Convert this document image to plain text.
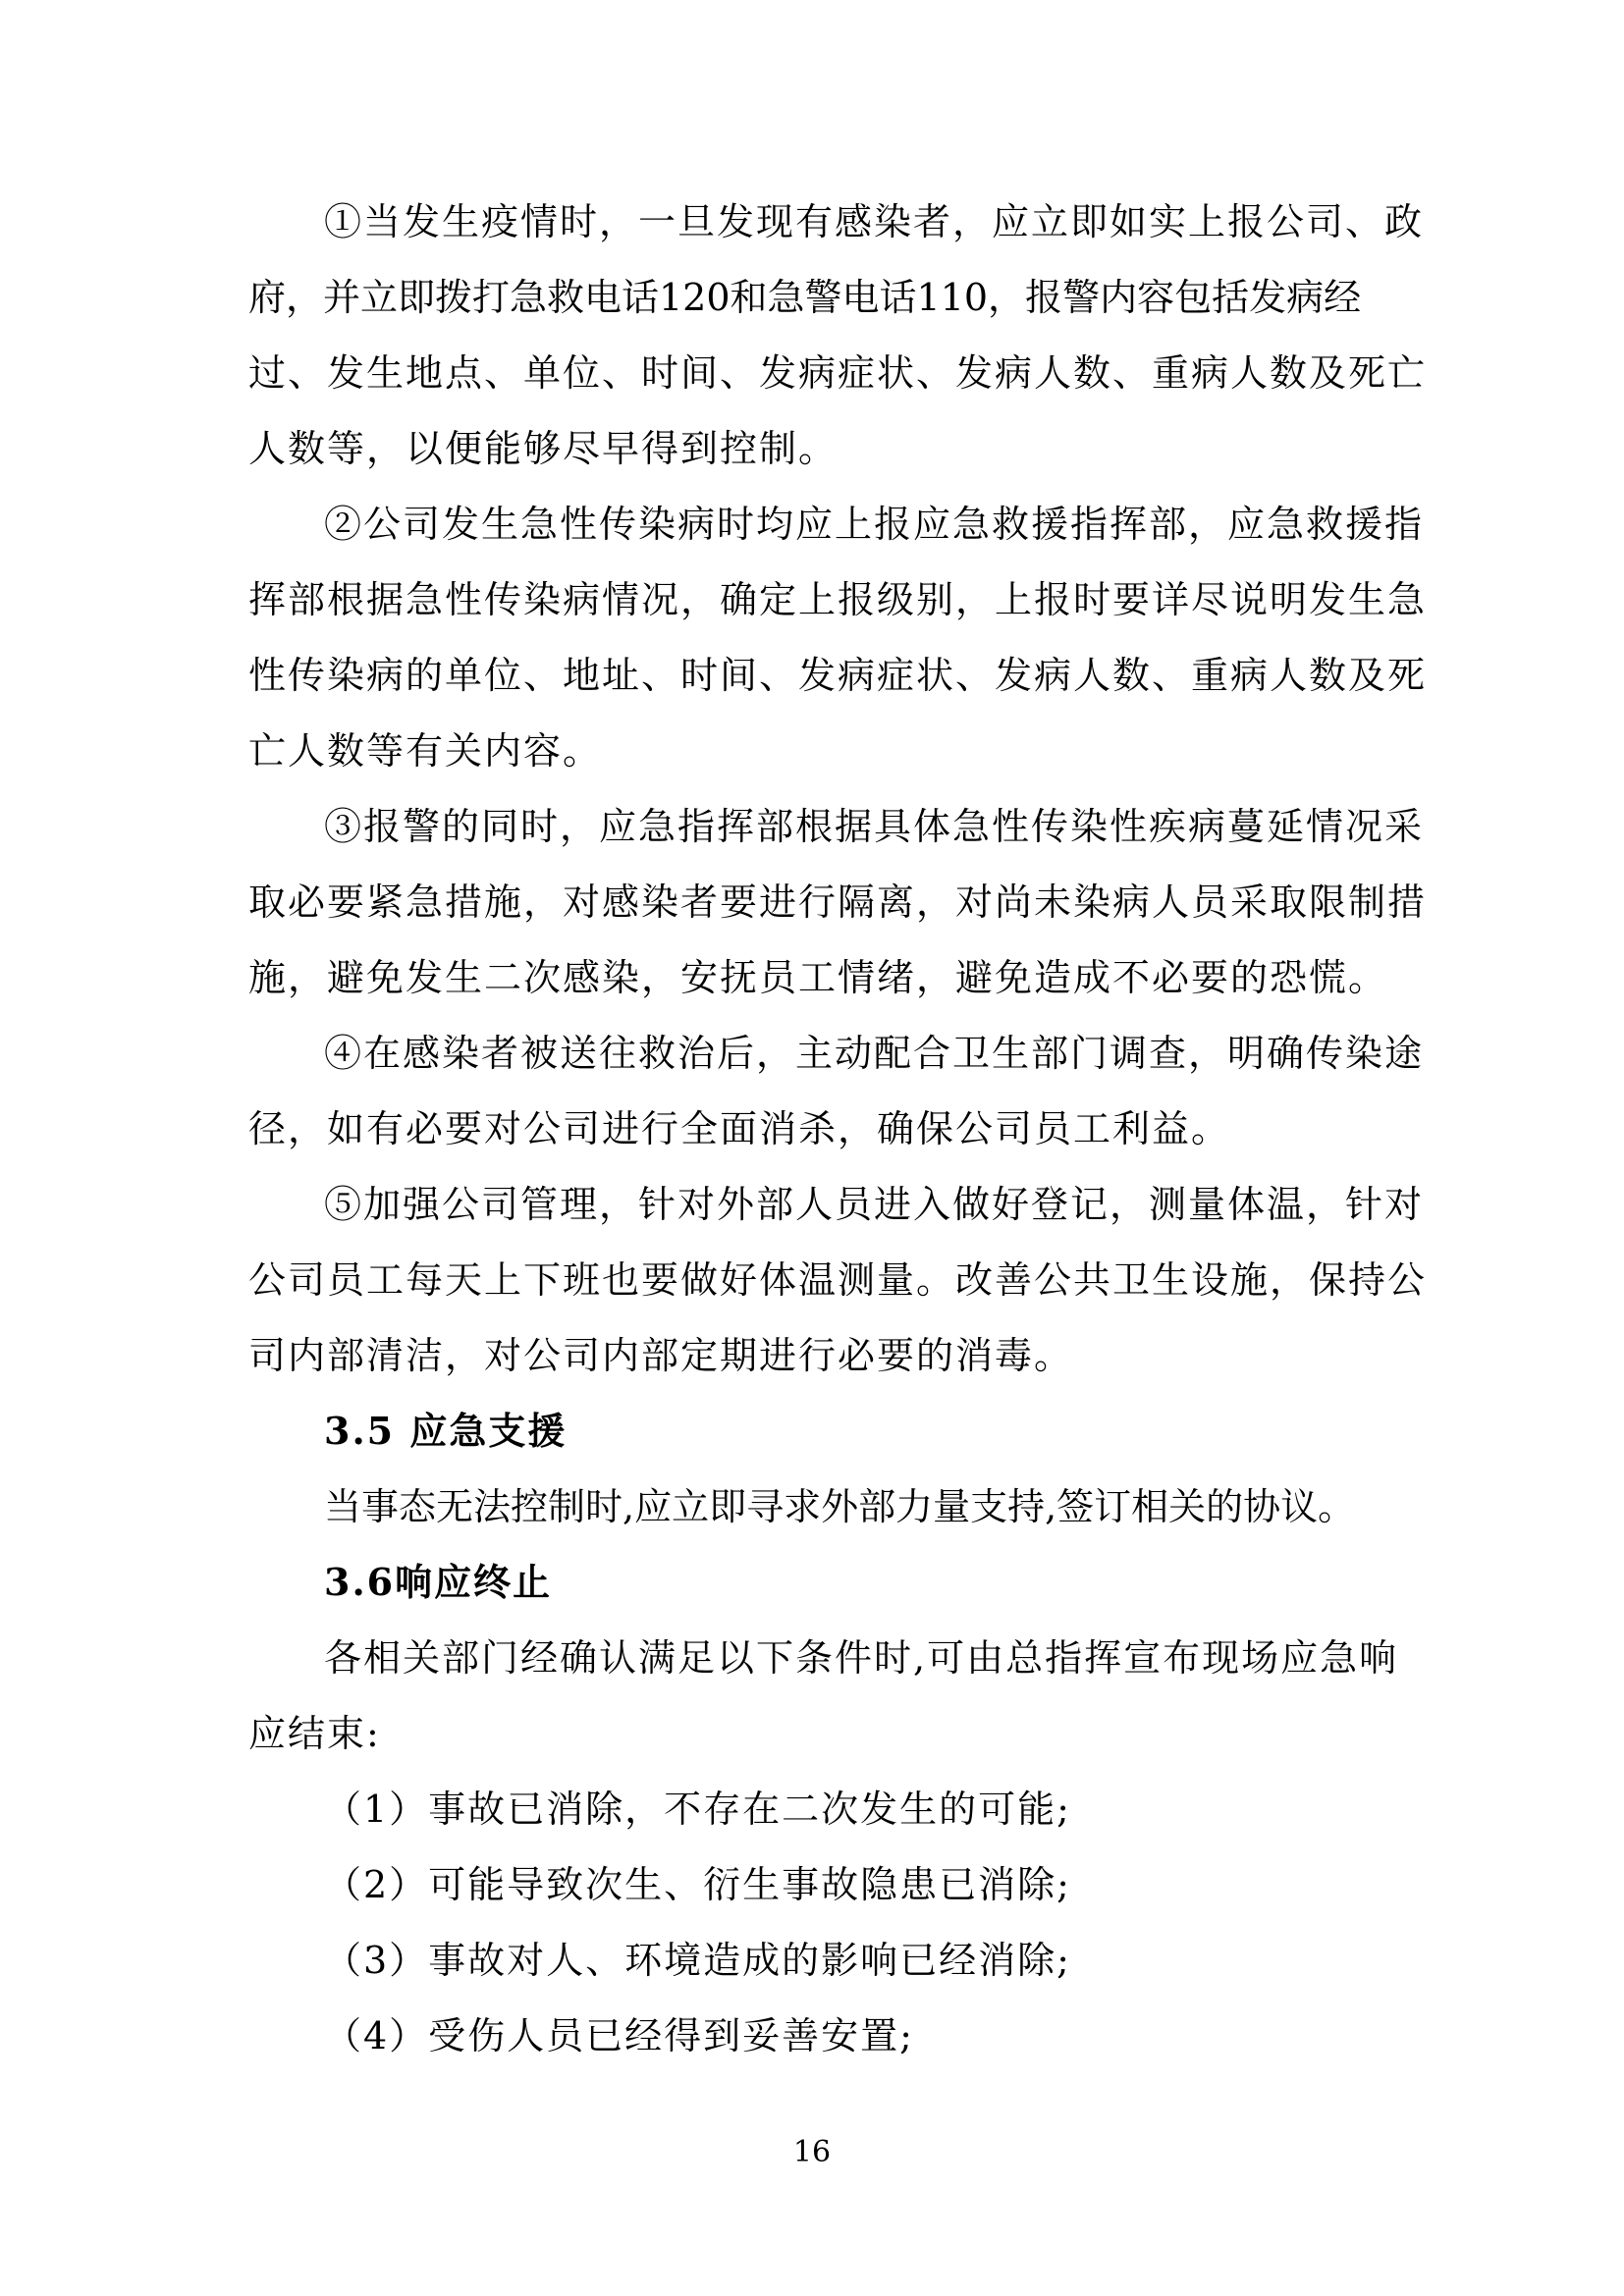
①当发生疫情时，一旦发现有感染者，应立即如实上报公司、政
府，并立即拨打急救电话120和急警电话110，报警内容包括发病经
过、发生地点、单位、时间、发病症状、发病人数、重病人数及死亡
人数等，以便能够尽早得到控制。
②公司发生急性传染病时均应上报应急救援指挥部，应急救援指
挥部根据急性传染病情况，确定上报级别，上报时要详尽说明发生急
性传染病的单位、地址、时间、发病症状、发病人数、重病人数及死
亡人数等有关内容。
③报警的同时，应急指挥部根据具体急性传染性疾病蔓延情况采
取必要紧急措施，对感染者要进行隔离，对尚未染病人员采取限制措
施，避免发生二次感染，安抚员工情绪，避免造成不必要的恐慌。
④在感染者被送往救治后，主动配合卫生部门调查，明确传染途
径，如有必要对公司进行全面消杀，确保公司员工利益。
⑤加强公司管理，针对外部人员进入做好登记，测量体温，针对
公司员工每天上下班也要做好体温测量。改善公共卫生设施，保持公
司内部清洁，对公司内部定期进行必要的消毒。
3.5 应急支援
当事态无法控制时,应立即寻求外部力量支持,签订相关的协议。
3.6响应终止
各相关部门经确认满足以下条件时,可由总指挥宣布现场应急响
应结束:
（1）事故已消除，不存在二次发生的可能;
（2）可能导致次生、衍生事故隐患已消除;
（3）事故对人、环境造成的影响已经消除;
（4）受伤人员已经得到妥善安置;
16
